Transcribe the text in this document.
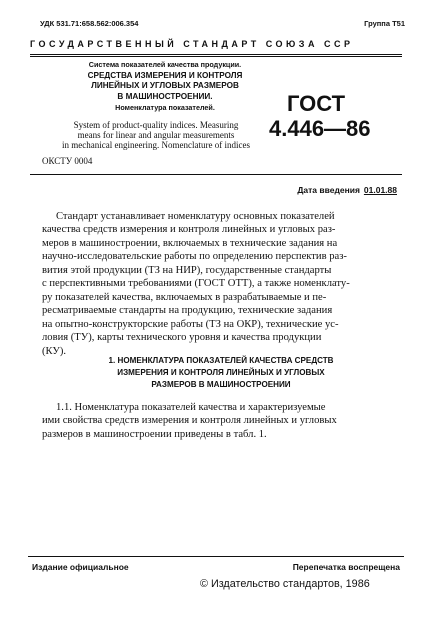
УДК 531.71:658.562:006.354	Группа Т51
ГОСУДАРСТВЕННЫЙ СТАНДАРТ СОЮЗА ССР
Система показателей качества продукции.
СРЕДСТВА ИЗМЕРЕНИЯ И КОНТРОЛЯ
ЛИНЕЙНЫХ И УГЛОВЫХ РАЗМЕРОВ
В МАШИНОСТРОЕНИИ.
Номенклатура показателей.	ГОСТ
4.446—86
System of product-quality indices. Measuring
means for linear and angular measurements
in mechanical engineering. Nomenclature of indices
ОКСТУ 0004
Дата введения 01.01.88
Стандарт устанавливает номенклатуру основных показателей
качества средств измерения и контроля линейных и угловых раз-
меров в машиностроении, включаемых в технические задания на
научно-исследовательские работы по определению перспектив раз-
вития этой продукции (ТЗ на НИР), государственные стандарты
с перспективными требованиями (ГОСТ ОТТ), а также номенклату-
ру показателей качества, включаемых в разрабатываемые и пе-
ресматриваемые стандарты на продукцию, технические задания
на опытно-конструкторские работы (ТЗ на ОКР), технические ус-
ловия (ТУ), карты технического уровня и качества продукции
(КУ).
1. НОМЕНКЛАТУРА ПОКАЗАТЕЛЕЙ КАЧЕСТВА СРЕДСТВ
ИЗМЕРЕНИЯ И КОНТРОЛЯ ЛИНЕЙНЫХ И УГЛОВЫХ
РАЗМЕРОВ В МАШИНОСТРОЕНИИ
1.1. Номенклатура показателей качества и характеризуемые
ими свойства средств измерения и контроля линейных и угловых
размеров в машиностроении приведены в табл. 1.
Издание официальное	Перепечатка воспрещена
© Издательство стандартов, 1986
